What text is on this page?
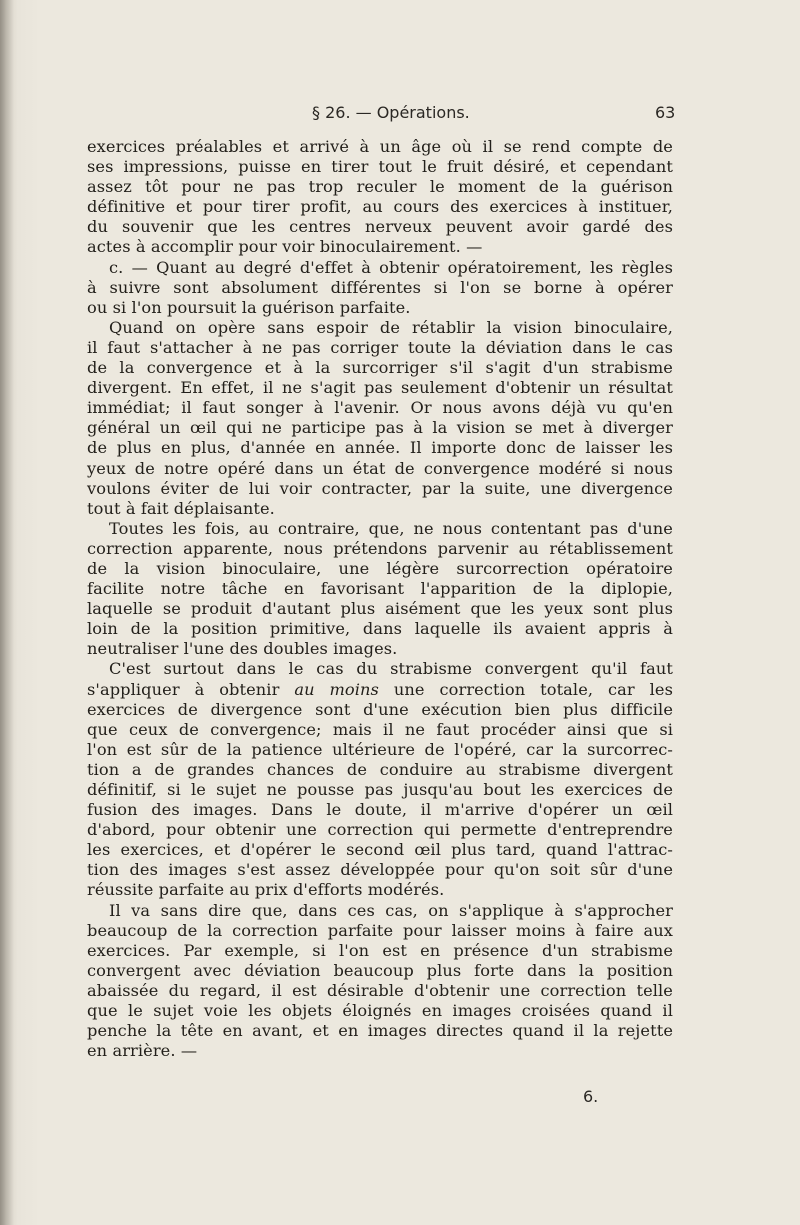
§ 26. — Opérations.	63
exercices préalables et arrivé à un âge où il se rend compte de
ses impressions, puisse en tirer tout le fruit désiré, et cependant
assez tôt pour ne pas trop reculer le moment de la guérison
définitive et pour tirer profit, au cours des exercices à instituer,
du souvenir que les centres nerveux peuvent avoir gardé des
actes à accomplir pour voir binoculairement. —
c. — Quant au degré d'effet à obtenir opératoirement, les règles
à suivre sont absolument différentes si l'on se borne à opérer
ou si l'on poursuit la guérison parfaite.
Quand on opère sans espoir de rétablir la vision binoculaire,
il faut s'attacher à ne pas corriger toute la déviation dans le cas
de la convergence et à la surcorriger s'il s'agit d'un strabisme
divergent. En effet, il ne s'agit pas seulement d'obtenir un résultat
immédiat; il faut songer à l'avenir. Or nous avons déjà vu qu'en
général un œil qui ne participe pas à la vision se met à diverger
de plus en plus, d'année en année. Il importe donc de laisser les
yeux de notre opéré dans un état de convergence modéré si nous
voulons éviter de lui voir contracter, par la suite, une divergence
tout à fait déplaisante.
Toutes les fois, au contraire, que, ne nous contentant pas d'une
correction apparente, nous prétendons parvenir au rétablissement
de la vision binoculaire, une légère surcorrection opératoire
facilite notre tâche en favorisant l'apparition de la diplopie,
laquelle se produit d'autant plus aisément que les yeux sont plus
loin de la position primitive, dans laquelle ils avaient appris à
neutraliser l'une des doubles images.
C'est surtout dans le cas du strabisme convergent qu'il faut
s'appliquer à obtenir au moins une correction totale, car les
exercices de divergence sont d'une exécution bien plus difficile
que ceux de convergence; mais il ne faut procéder ainsi que si
l'on est sûr de la patience ultérieure de l'opéré, car la surcorrec-
tion a de grandes chances de conduire au strabisme divergent
définitif, si le sujet ne pousse pas jusqu'au bout les exercices de
fusion des images. Dans le doute, il m'arrive d'opérer un œil
d'abord, pour obtenir une correction qui permette d'entreprendre
les exercices, et d'opérer le second œil plus tard, quand l'attrac-
tion des images s'est assez développée pour qu'on soit sûr d'une
réussite parfaite au prix d'efforts modérés.
Il va sans dire que, dans ces cas, on s'applique à s'approcher
beaucoup de la correction parfaite pour laisser moins à faire aux
exercices. Par exemple, si l'on est en présence d'un strabisme
convergent avec déviation beaucoup plus forte dans la position
abaissée du regard, il est désirable d'obtenir une correction telle
que le sujet voie les objets éloignés en images croisées quand il
penche la tête en avant, et en images directes quand il la rejette
en arrière. —
6.
